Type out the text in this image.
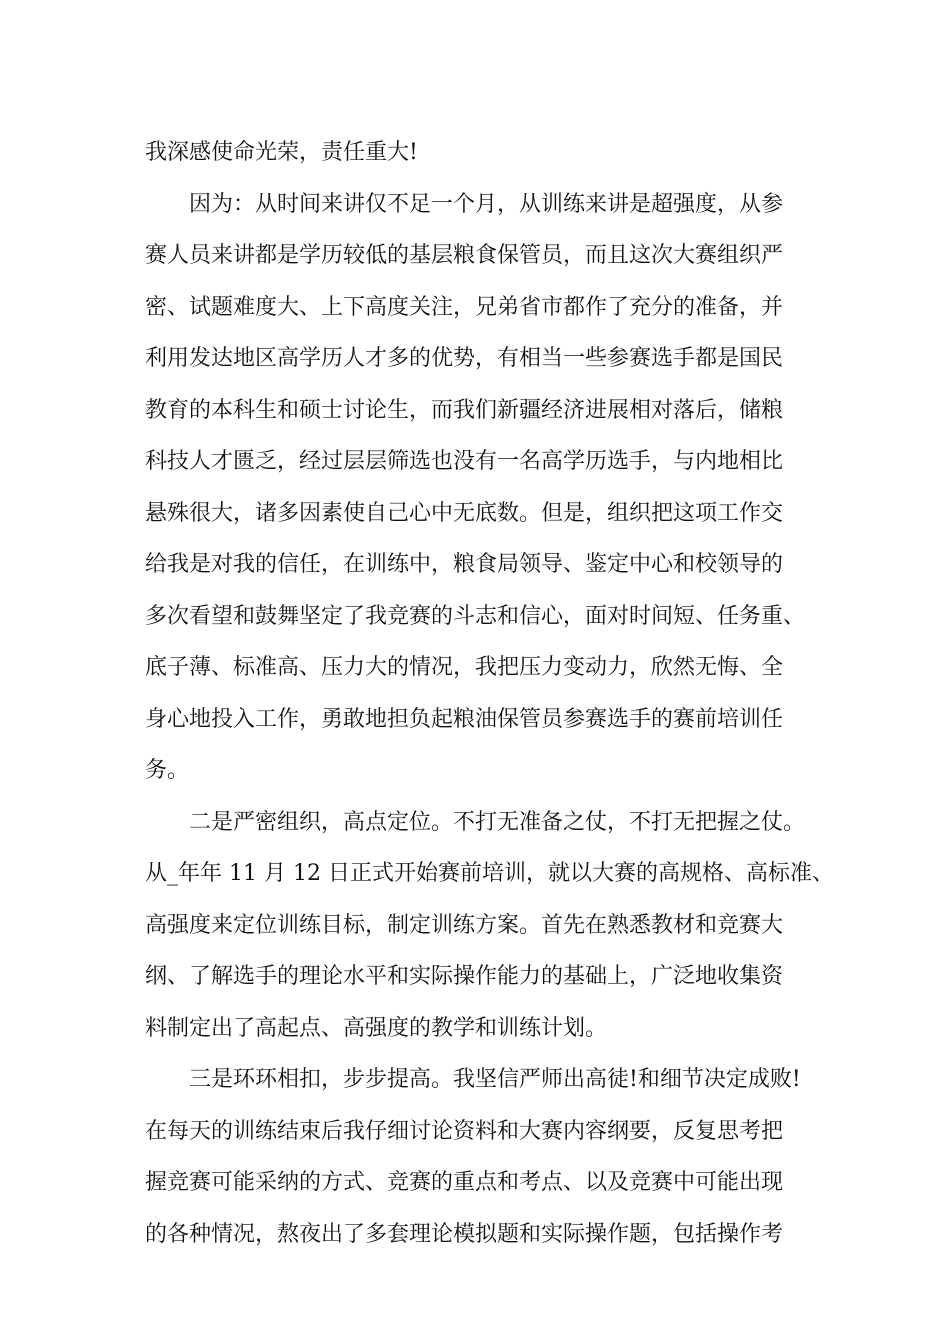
我深感使命光荣，责任重大!
因为：从时间来讲仅不足一个月，从训练来讲是超强度，从参
赛人员来讲都是学历较低的基层粮食保管员，而且这次大赛组织严
密、试题难度大、上下高度关注，兄弟省市都作了充分的准备，并
利用发达地区高学历人才多的优势，有相当一些参赛选手都是国民
教育的本科生和硕士讨论生，而我们新疆经济进展相对落后，储粮
科技人才匮乏，经过层层筛选也没有一名高学历选手，与内地相比
悬殊很大，诸多因素使自己心中无底数。但是，组织把这项工作交
给我是对我的信任，在训练中，粮食局领导、鉴定中心和校领导的
多次看望和鼓舞坚定了我竞赛的斗志和信心，面对时间短、任务重、
底子薄、标准高、压力大的情况，我把压力变动力，欣然无悔、全
身心地投入工作，勇敢地担负起粮油保管员参赛选手的赛前培训任
务。
二是严密组织，高点定位。不打无准备之仗，不打无把握之仗。
从_年年 11 月 12 日正式开始赛前培训，就以大赛的高规格、高标准、
高强度来定位训练目标，制定训练方案。首先在熟悉教材和竞赛大
纲、了解选手的理论水平和实际操作能力的基础上，广泛地收集资
料制定出了高起点、高强度的教学和训练计划。
三是环环相扣，步步提高。我坚信严师出高徒!和细节决定成败!
在每天的训练结束后我仔细讨论资料和大赛内容纲要，反复思考把
握竞赛可能采纳的方式、竞赛的重点和考点、以及竞赛中可能出现
的各种情况，熬夜出了多套理论模拟题和实际操作题，包括操作考
